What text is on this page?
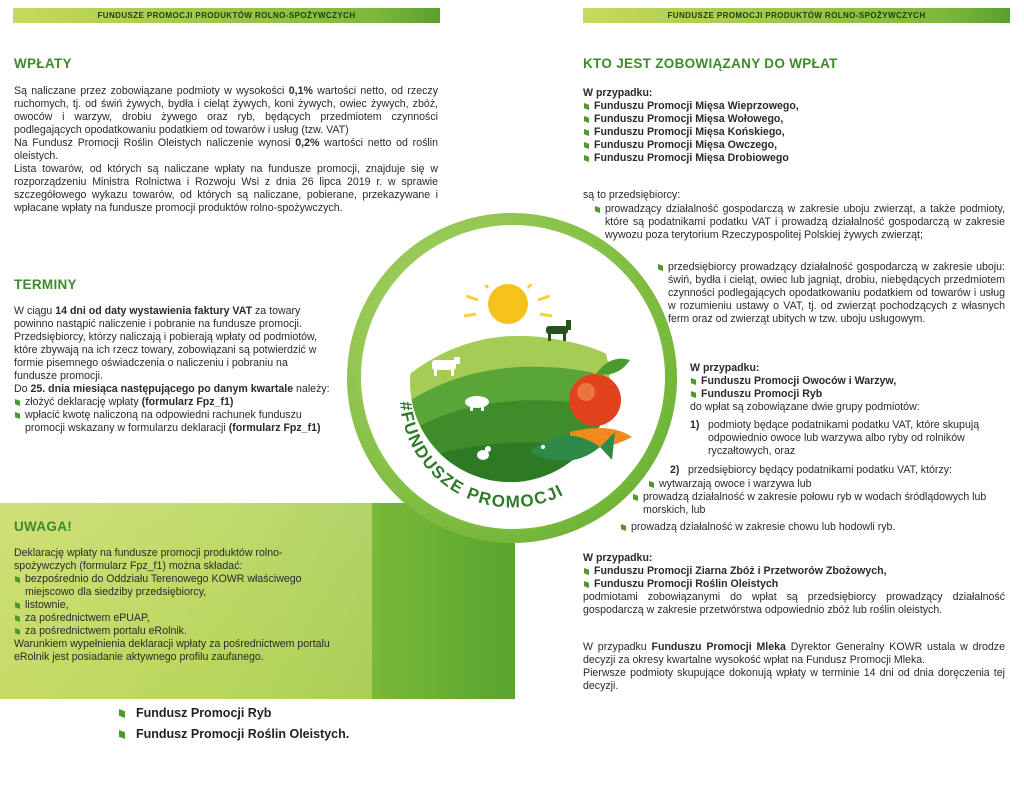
FUNDUSZE PROMOCJI PRODUKTÓW ROLNO-SPOŻYWCZYCH	FUNDUSZE PROMOCJI PRODUKTÓW ROLNO-SPOŻYWCZYCH
WPŁATY

Są naliczane przez zobowiązane podmioty w wysokości 0,1% wartości netto, od rzeczy ruchomych, tj. od świń żywych, bydła i cieląt żywych, koni żywych, owiec żywych, zbóż, owoców i warzyw, drobiu żywego oraz ryb, będących przedmiotem czynności podlegających opodatkowaniu podatkiem od towarów i usług (tzw. VAT)

Na Fundusz Promocji Roślin Oleistych naliczenie wynosi 0,2% wartości netto od roślin oleistych.

Lista towarów, od których są naliczane wpłaty na fundusze promocji, znajduje się w rozporządzeniu Ministra Rolnictwa i Rozwoju Wsi z dnia 26 lipca 2019 r. w sprawie szczegółowego wykazu towarów, od których są naliczane, pobierane, przekazywane i wpłacane wpłaty na fundusze promocji produktów rolno-spożywczych.

TERMINY

W ciągu 14 dni od daty wystawienia faktury VAT za towary powinno nastąpić naliczenie i pobranie na fundusze promocji.

Przedsiębiorcy, którzy naliczają i pobierają wpłaty od podmiotów, które zbywają na ich rzecz towary, zobowiązani są potwierdzić w formie pisemnego oświadczenia o naliczeniu i pobraniu na fundusze promocji.

Do 25. dnia miesiąca następującego po danym kwartale należy:

złożyć deklarację wpłaty (formularz Fpz_f1)
wpłacić kwotę naliczoną na odpowiedni rachunek funduszu promocji wskazany w formularzu deklaracji (formularz Fpz_f1)
UWAGA!

Deklarację wpłaty na fundusze promocji produktów rolno-spożywczych (formularz Fpz_f1) można składać:

bezpośrednio do Oddziału Terenowego KOWR właściwego miejscowo dla siedziby przedsiębiorcy,
listownie,
za pośrednictwem ePUAP,
za pośrednictwem portalu eRolnik.

Warunkiem wypełnienia deklaracji wpłaty za pośrednictwem portalu eRolnik jest posiadanie aktywnego profilu zaufanego.

Fundusz Promocji Ryb
Fundusz Promocji Roślin Oleistych.
#FUNDUSZE PROMOCJI
KTO JEST ZOBOWIĄZANY DO WPŁAT

W przypadku:

Funduszu Promocji Mięsa Wieprzowego,
Funduszu Promocji Mięsa Wołowego,
Funduszu Promocji Mięsa Końskiego,
Funduszu Promocji Mięsa Owczego,
Funduszu Promocji Mięsa Drobiowego
są to przedsiębiorcy:
prowadzący działalność gospodarczą w zakresie uboju zwierząt, a także podmioty, które są podatnikami podatku VAT i prowadzą działalność gospodarczą w zakresie wywozu poza terytorium Rzeczypospolitej Polskiej żywych zwierząt;
przedsiębiorcy prowadzący działalność gospodarczą w zakresie uboju: świń, bydła i cieląt, owiec lub jagniąt, drobiu, niebędących przedmiotem czynności podlegających opodatkowaniu podatkiem od towarów i usług w rozumieniu ustawy o VAT, tj. od zwierząt pochodzących z własnych ferm oraz od zwierząt ubitych w tzw. uboju usługowym.

W przypadku:

Funduszu Promocji Owoców i Warzyw,
Funduszu Promocji Ryb

do wpłat są zobowiązane dwie grupy podmiotów:

1) podmioty będące podatnikami podatku VAT, które skupują odpowiednio owoce lub warzywa albo ryby od rolników ryczałtowych, oraz
2) przedsiębiorcy będący podatnikami podatku VAT, którzy:
wytwarzają owoce i warzywa lub
prowadzą działalność w zakresie połowu ryb w wodach śródlądowych lub morskich, lub
prowadzą działalność w zakresie chowu lub hodowli ryb.

W przypadku:

Funduszu Promocji Ziarna Zbóż i Przetworów Zbożowych,
Funduszu Promocji Roślin Oleistych

podmiotami zobowiązanymi do wpłat są przedsiębiorcy prowadzący działalność gospodarczą w zakresie przetwórstwa odpowiednio zbóż lub roślin oleistych.

W przypadku Funduszu Promocji Mleka Dyrektor Generalny KOWR ustala w drodze decyzji za okresy kwartalne wysokość wpłat na Fundusz Promocji Mleka.

Pierwsze podmioty skupujące dokonują wpłaty w terminie 14 dni od dnia doręczenia tej decyzji.
